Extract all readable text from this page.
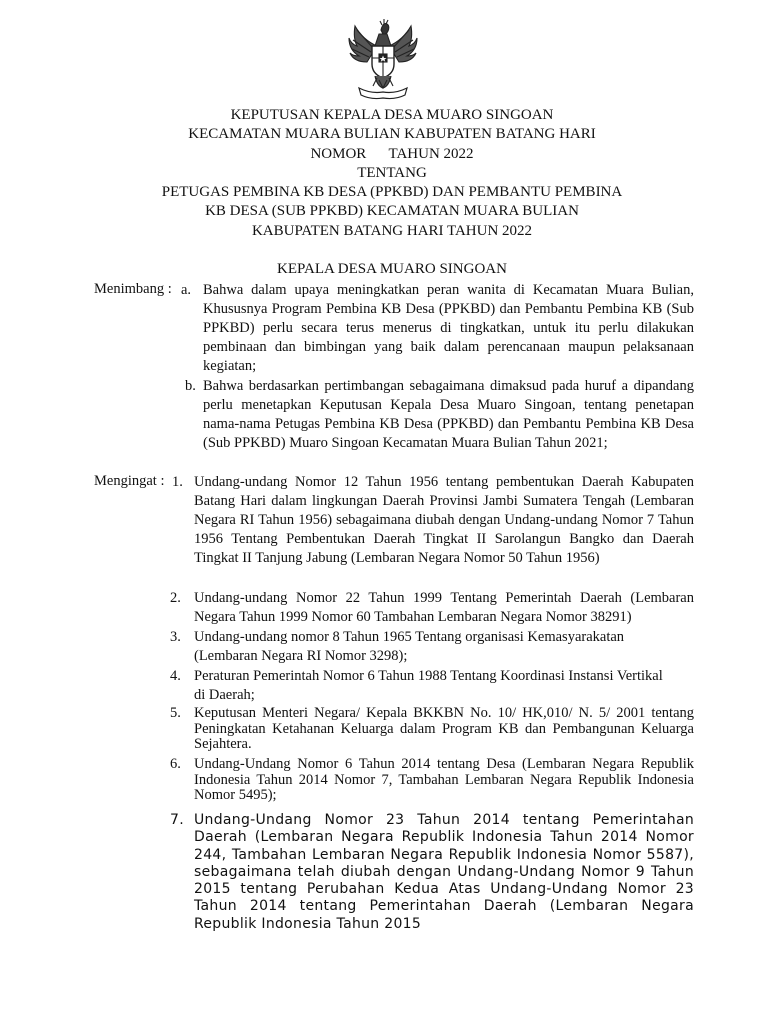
KEPUTUSAN KEPALA DESA MUARO SINGOAN
KECAMATAN MUARA BULIAN KABUPATEN BATANG HARI
NOMOR      TAHUN 2022
TENTANG
PETUGAS PEMBINA KB DESA (PPKBD) DAN PEMBANTU PEMBINA
KB DESA (SUB PPKBD) KECAMATAN MUARA BULIAN
KABUPATEN BATANG HARI TAHUN 2022
KEPALA DESA MUARO SINGOAN
Menimbang : a. Bahwa dalam upaya meningkatkan peran wanita di Kecamatan Muara Bulian, Khususnya Program Pembina KB Desa (PPKBD) dan Pembantu Pembina KB (Sub PPKBD) perlu secara terus menerus di tingkatkan, untuk itu perlu dilakukan pembinaan dan bimbingan yang baik dalam perencanaan maupun pelaksanaan kegiatan;
b. Bahwa berdasarkan pertimbangan sebagaimana dimaksud pada huruf a dipandang perlu menetapkan Keputusan Kepala Desa Muaro Singoan, tentang penetapan nama-nama Petugas Pembina KB Desa (PPKBD) dan Pembantu Pembina KB Desa (Sub PPKBD) Muaro Singoan Kecamatan Muara Bulian Tahun 2021;
Mengingat : 1. Undang-undang Nomor 12 Tahun 1956 tentang pembentukan Daerah Kabupaten Batang Hari dalam lingkungan Daerah Provinsi Jambi Sumatera Tengah (Lembaran Negara RI Tahun 1956) sebagaimana diubah dengan Undang-undang Nomor 7 Tahun 1956 Tentang Pembentukan Daerah Tingkat II Sarolangun Bangko dan Daerah Tingkat II Tanjung Jabung (Lembaran Negara Nomor 50 Tahun 1956)
2. Undang-undang Nomor 22 Tahun 1999 Tentang Pemerintah Daerah (Lembaran Negara Tahun 1999 Nomor 60 Tambahan Lembaran Negara Nomor 38291)
3. Undang-undang nomor 8 Tahun 1965 Tentang organisasi Kemasyarakatan (Lembaran Negara RI Nomor 3298);
4. Peraturan Pemerintah Nomor 6 Tahun 1988 Tentang Koordinasi Instansi Vertikal di Daerah;
5. Keputusan Menteri Negara/ Kepala BKKBN No. 10/ HK,010/ N. 5/ 2001 tentang Peningkatan Ketahanan Keluarga dalam Program KB dan Pembangunan Keluarga Sejahtera.
6. Undang-Undang Nomor 6 Tahun 2014 tentang Desa (Lembaran Negara Republik Indonesia Tahun 2014 Nomor 7, Tambahan Lembaran Negara Republik Indonesia Nomor 5495);
7. Undang-Undang Nomor 23 Tahun 2014 tentang Pemerintahan Daerah (Lembaran Negara Republik Indonesia Tahun 2014 Nomor 244, Tambahan Lembaran Negara Republik Indonesia Nomor 5587), sebagaimana telah diubah dengan Undang-Undang Nomor 9 Tahun 2015 tentang Perubahan Kedua Atas Undang-Undang Nomor 23 Tahun 2014 tentang Pemerintahan Daerah (Lembaran Negara Republik Indonesia Tahun 2015
